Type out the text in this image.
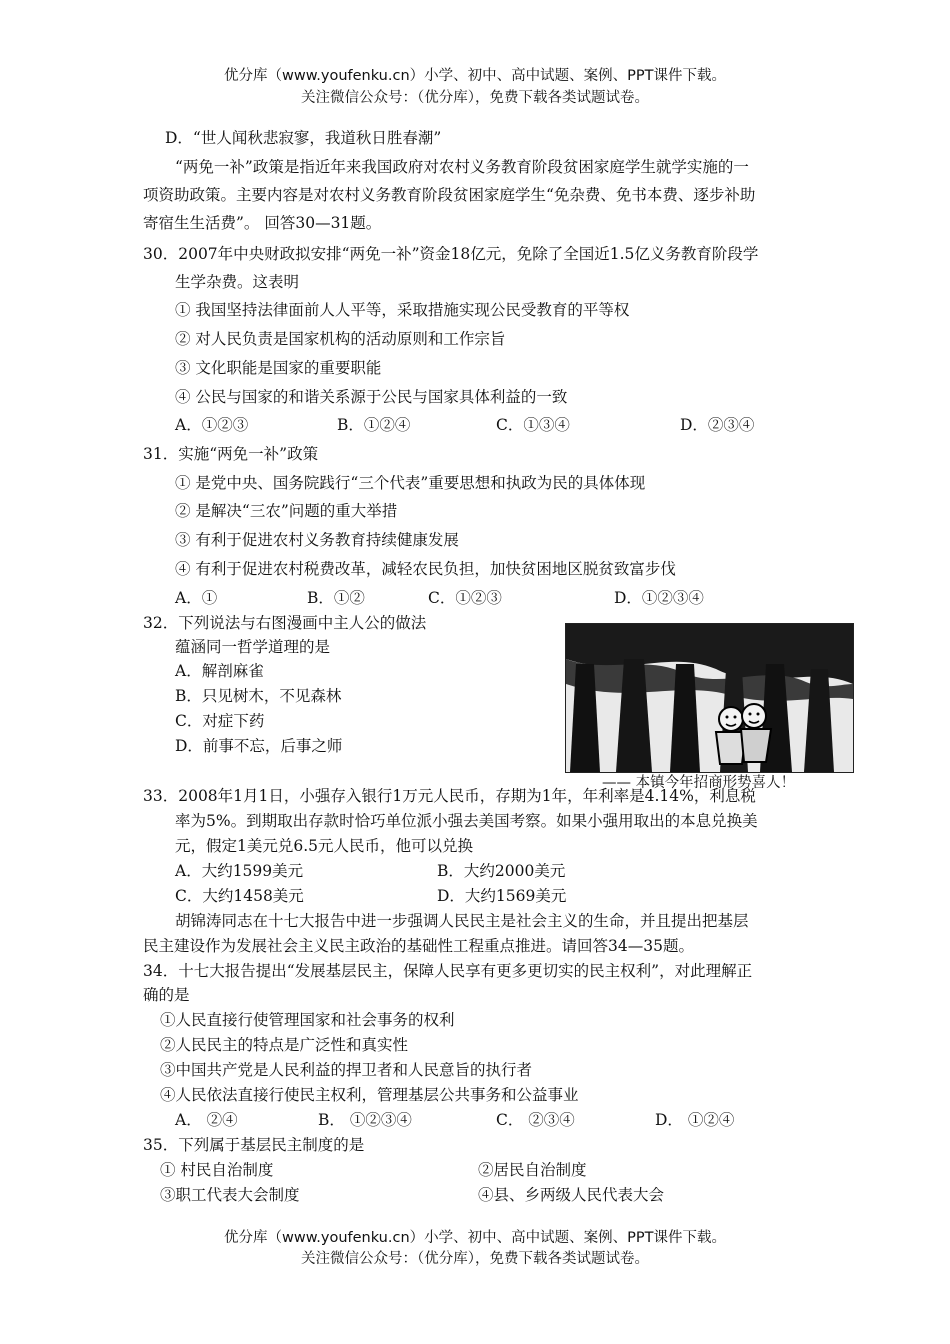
优分库（www.youfenku.cn）小学、初中、高中试题、案例、PPT课件下载。
关注微信公众号：（优分库），免费下载各类试题试卷。
D．“世人闻秋悲寂寥，我道秋日胜春潮”
“两免一补”政策是指近年来我国政府对农村义务教育阶段贫困家庭学生就学实施的一
项资助政策。主要内容是对农村义务教育阶段贫困家庭学生“免杂费、免书本费、逐步补助
寄宿生生活费”。 回答30—31题。
30．2007年中央财政拟安排“两免一补”资金18亿元，免除了全国近1.5亿义务教育阶段学
生学杂费。这表明
① 我国坚持法律面前人人平等，采取措施实现公民受教育的平等权
② 对人民负责是国家机构的活动原则和工作宗旨
③ 文化职能是国家的重要职能
④ 公民与国家的和谐关系源于公民与国家具体利益的一致
A．①②③	B．①②④	C．①③④	D．②③④
31．实施“两免一补”政策
① 是党中央、国务院践行“三个代表”重要思想和执政为民的具体体现
② 是解决“三农”问题的重大举措
③ 有利于促进农村义务教育持续健康发展
④ 有利于促进农村税费改革，减轻农民负担，加快贫困地区脱贫致富步伐
A．①	B．①②	C．①②③	D．①②③④
32．下列说法与右图漫画中主人公的做法
蕴涵同一哲学道理的是
A．解剖麻雀
B．只见树木，不见森林
C．对症下药
D．前事不忘，后事之师
—— 本镇今年招商形势喜人！
33．2008年1月1日，小强存入银行1万元人民币，存期为1年，年利率是4.14%，利息税
率为5%。到期取出存款时恰巧单位派小强去美国考察。如果小强用取出的本息兑换美
元，假定1美元兑6.5元人民币，他可以兑换
A．大约1599美元	B．大约2000美元
C．大约1458美元	D．大约1569美元
胡锦涛同志在十七大报告中进一步强调人民民主是社会主义的生命，并且提出把基层
民主建设作为发展社会主义民主政治的基础性工程重点推进。请回答34—35题。
34．十七大报告提出“发展基层民主，保障人民享有更多更切实的民主权利”，对此理解正
确的是
①人民直接行使管理国家和社会事务的权利
②人民民主的特点是广泛性和真实性
③中国共产党是人民利益的捍卫者和人民意旨的执行者
④人民依法直接行使民主权利，管理基层公共事务和公益事业
A． ②④	B． ①②③④	C． ②③④	D． ①②④
35．下列属于基层民主制度的是
① 村民自治制度	②居民自治制度
③职工代表大会制度	④县、乡两级人民代表大会
优分库（www.youfenku.cn）小学、初中、高中试题、案例、PPT课件下载。
关注微信公众号：（优分库），免费下载各类试题试卷。
